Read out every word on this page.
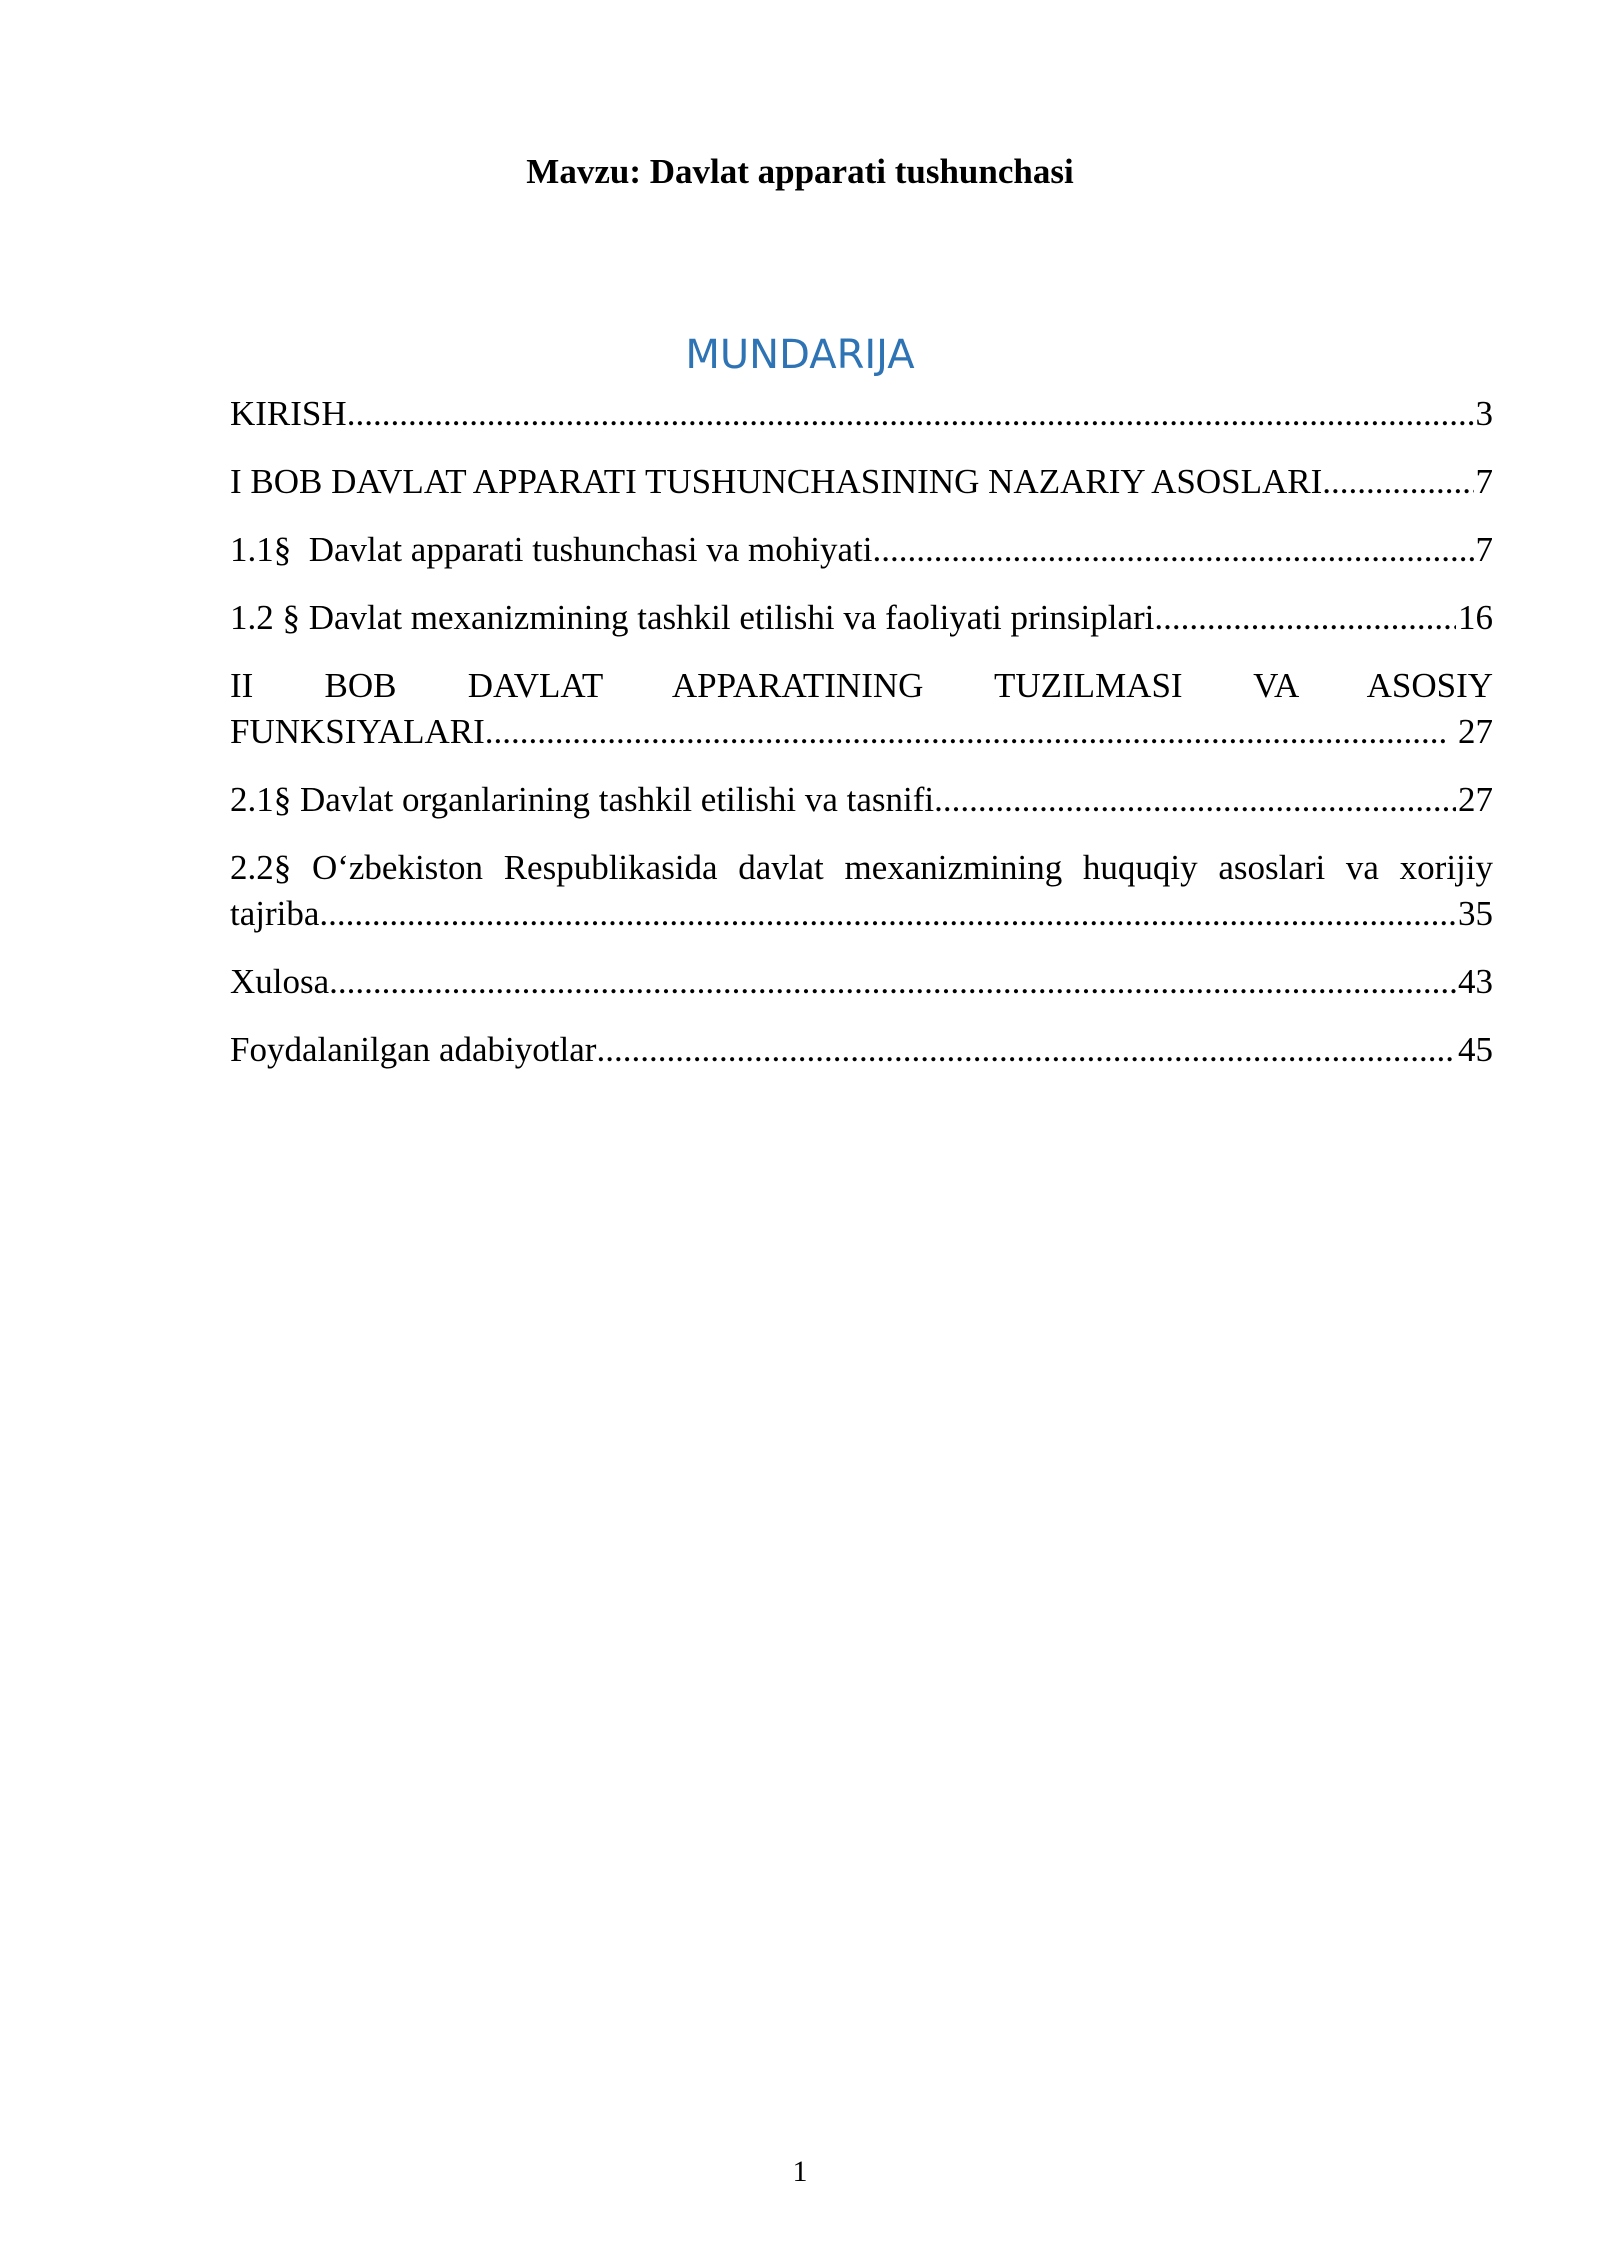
Mavzu: Davlat apparati tushunchasi
MUNDARIJA
KIRISH .....	3
I BOB DAVLAT APPARATI TUSHUNCHASINING NAZARIY ASOSLARI .....	7
1.1§  Davlat apparati tushunchasi va mohiyati .....	7
1.2 § Davlat mexanizmining tashkil etilishi va faoliyati prinsiplari .....	16
II BOB DAVLAT APPARATINING TUZILMASI VA ASOSIY
FUNKSIYALARI .....	27
2.1§ Davlat organlarining tashkil etilishi va tasnifi .....	27
2.2§ O‘zbekiston Respublikasida davlat mexanizmining huquqiy asoslari va xorijiy
tajriba .....	35
Xulosa .....	43
Foydalanilgan adabiyotlar .....	45
1
